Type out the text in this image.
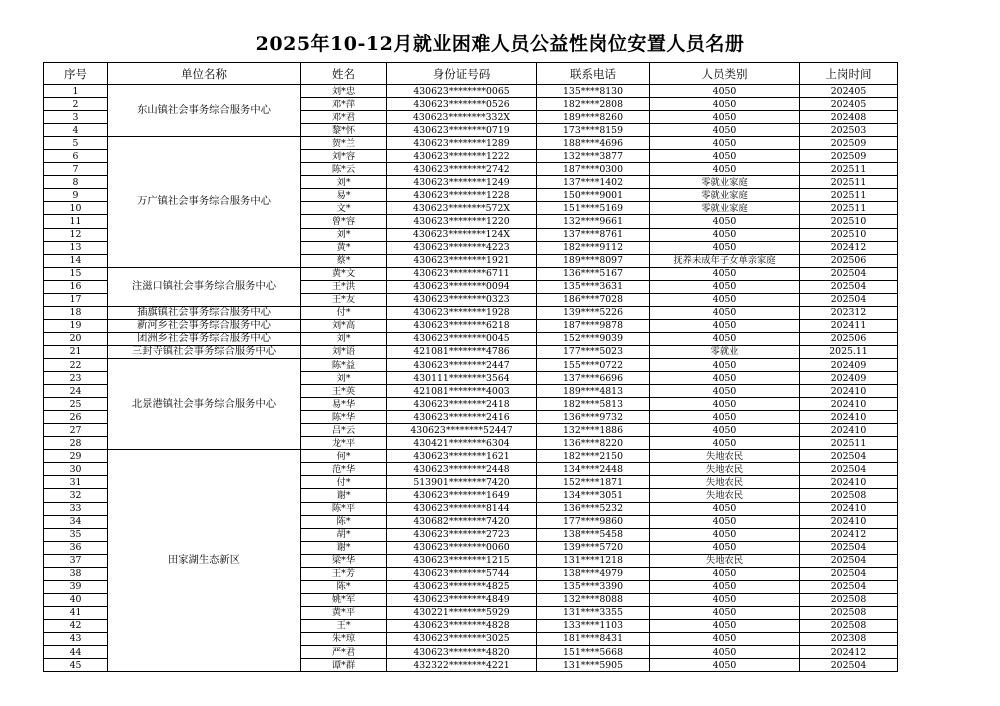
2025年10-12月就业困难人员公益性岗位安置人员名册
序号	单位名称	姓名	身份证号码	联系电话	人员类别	上岗时间
1	东山镇社会事务综合服务中心	刘*忠	430623********0065	135****8130	4050	202405
2		邓*萍	430623********0526	182****2808	4050	202405
3		邓*君	430623********332X	189****8260	4050	202408
4		黎*怀	430623********0719	173****8159	4050	202503
5	万广镇社会事务综合服务中心	贺*兰	430623********1289	188****4696	4050	202509
6		刘*容	430623********1222	132****3877	4050	202509
7		陈*云	430623********2742	187****0300	4050	202511
8		刘*	430623********1249	137****1402	零就业家庭	202511
9		易*	430623********1228	150****9001	零就业家庭	202511
10		文*	430623********572X	151****5169	零就业家庭	202511
11		曾*容	430623********1220	132****9661	4050	202510
12		刘*	430623********124X	137****8761	4050	202510
13		黄*	430623********4223	182****9112	4050	202412
14		蔡*	430623********1921	189****8097	抚养未成年子女单亲家庭	202506
15	注滋口镇社会事务综合服务中心	黄*文	430623********6711	136****5167	4050	202504
16		王*洪	430623********0094	135****3631	4050	202504
17		王*友	430623********0323	186****7028	4050	202504
18	插旗镇社会事务综合服务中心	付*	430623********1928	139****5226	4050	202312
19	新河乡社会事务综合服务中心	刘*高	430623********6218	187****9878	4050	202411
20	团洲乡社会事务综合服务中心	刘*	430623********0045	152****9039	4050	202506
21	三封寺镇社会事务综合服务中心	刘*语	421081********4786	177****5023	零就业	2025.11
22	北景港镇社会事务综合服务中心	陈*益	430623********2447	155****0722	4050	202409
23		刘*	430111********3564	137****6696	4050	202409
24		王*英	421081********4003	189****4813	4050	202410
25		易*华	430623********2418	182****5813	4050	202410
26		陈*华	430623********2416	136****9732	4050	202410
27		吕*云	430623********52447	132****1886	4050	202410
28		龙*平	430421********6304	136****8220	4050	202511
29	田家湖生态新区	何*	430623********1621	182****2150	失地农民	202504
30		范*华	430623********2448	134****2448	失地农民	202504
31		付*	513901********7420	152****1871	失地农民	202410
32		谢*	430623********1649	134****3051	失地农民	202508
33		陈*平	430623********8144	136****5232	4050	202410
34		陈*	430682********7420	177****9860	4050	202410
35		胡*	430623********2723	138****5458	4050	202412
36		谢*	430623********0060	139****5720	4050	202504
37		梁*华	430623********1215	131****1218	失地农民	202504
38		王*芳	430623********5744	138****4979	4050	202504
39		陈*	430623********4825	135****3390	4050	202504
40		姚*军	430623********4849	132****8088	4050	202508
41		黄*平	430221********5929	131****3355	4050	202508
42		王*	430623********4828	133****1103	4050	202508
43		朱*琼	430623********3025	181****8431	4050	202308
44		严*君	430623********4820	151****5668	4050	202412
45		谭*群	432322********4221	131****5905	4050	202504
